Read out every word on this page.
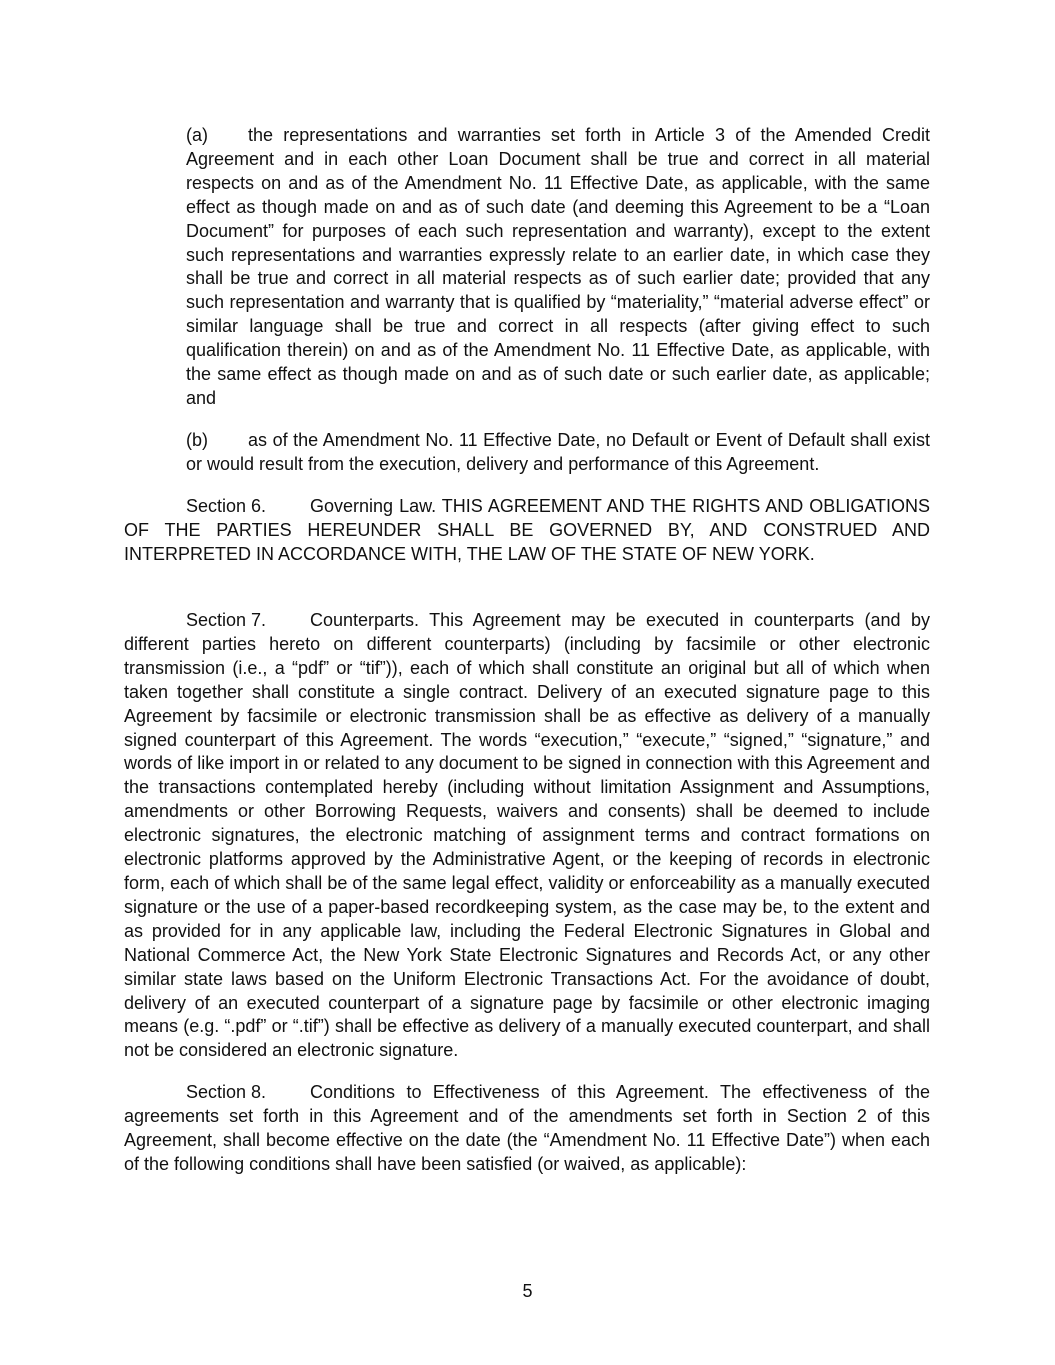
(a) the representations and warranties set forth in Article 3 of the Amended Credit Agreement and in each other Loan Document shall be true and correct in all material respects on and as of the Amendment No. 11 Effective Date, as applicable, with the same effect as though made on and as of such date (and deeming this Agreement to be a “Loan Document” for purposes of each such representation and warranty), except to the extent such representations and warranties expressly relate to an earlier date, in which case they shall be true and correct in all material respects as of such earlier date; provided that any such representation and warranty that is qualified by “materiality,” “material adverse effect” or similar language shall be true and correct in all respects (after giving effect to such qualification therein) on and as of the Amendment No. 11 Effective Date, as applicable, with the same effect as though made on and as of such date or such earlier date, as applicable; and

(b) as of the Amendment No. 11 Effective Date, no Default or Event of Default shall exist or would result from the execution, delivery and performance of this Agreement.

Section 6. Governing Law. THIS AGREEMENT AND THE RIGHTS AND OBLIGATIONS OF THE PARTIES HEREUNDER SHALL BE GOVERNED BY, AND CONSTRUED AND INTERPRETED IN ACCORDANCE WITH, THE LAW OF THE STATE OF NEW YORK.

Section 7. Counterparts. This Agreement may be executed in counterparts (and by different parties hereto on different counterparts) (including by facsimile or other electronic transmission (i.e., a “pdf” or “tif”)), each of which shall constitute an original but all of which when taken together shall constitute a single contract. Delivery of an executed signature page to this Agreement by facsimile or electronic transmission shall be as effective as delivery of a manually signed counterpart of this Agreement. The words “execution,” “execute,” “signed,” “signature,” and words of like import in or related to any document to be signed in connection with this Agreement and the transactions contemplated hereby (including without limitation Assignment and Assumptions, amendments or other Borrowing Requests, waivers and consents) shall be deemed to include electronic signatures, the electronic matching of assignment terms and contract formations on electronic platforms approved by the Administrative Agent, or the keeping of records in electronic form, each of which shall be of the same legal effect, validity or enforceability as a manually executed signature or the use of a paper-based recordkeeping system, as the case may be, to the extent and as provided for in any applicable law, including the Federal Electronic Signatures in Global and National Commerce Act, the New York State Electronic Signatures and Records Act, or any other similar state laws based on the Uniform Electronic Transactions Act. For the avoidance of doubt, delivery of an executed counterpart of a signature page by facsimile or other electronic imaging means (e.g. “.pdf” or “.tif”) shall be effective as delivery of a manually executed counterpart, and shall not be considered an electronic signature.

Section 8. Conditions to Effectiveness of this Agreement. The effectiveness of the agreements set forth in this Agreement and of the amendments set forth in Section 2 of this Agreement, shall become effective on the date (the “Amendment No. 11 Effective Date”) when each of the following conditions shall have been satisfied (or waived, as applicable):

5
